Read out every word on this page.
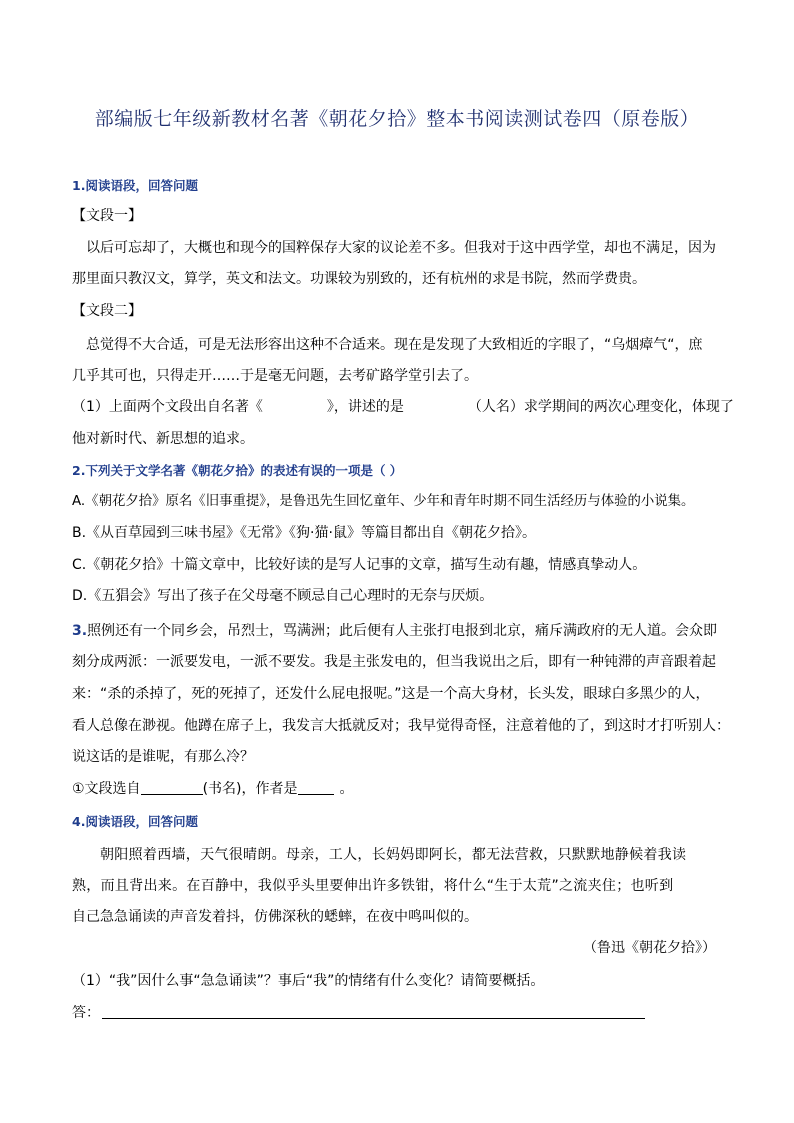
部编版七年级新教材名著《朝花夕拾》整本书阅读测试卷四（原卷版）
1.阅读语段，回答问题
【文段一】
以后可忘却了，大概也和现今的国粹保存大家的议论差不多。但我对于这中西学堂，却也不满足，因为
那里面只教汉文，算学，英文和法文。功课较为别致的，还有杭州的求是书院，然而学费贵。
【文段二】
总觉得不大合适，可是无法形容出这种不合适来。现在是发现了大致相近的字眼了，“乌烟瘴气“，庶
几乎其可也，只得走开……于是毫无问题，去考矿路学堂引去了。
（1）上面两个文段出自名著《	》，讲述的是	（人名）求学期间的两次心理变化，体现了
他对新时代、新思想的追求。
2.下列关于文学名著《朝花夕拾》的表述有误的一项是（ ）
A.《朝花夕拾》原名《旧事重提》，是鲁迅先生回忆童年、少年和青年时期不同生活经历与体验的小说集。
B.《从百草园到三味书屋》《无常》《狗·猫·鼠》等篇目都出自《朝花夕拾》。
C.《朝花夕拾》十篇文章中，比较好读的是写人记事的文章，描写生动有趣，情感真挚动人。
D.《五猖会》写出了孩子在父母毫不顾忌自己心理时的无奈与厌烦。
3.照例还有一个同乡会，吊烈士，骂满洲；此后便有人主张打电报到北京，痛斥满政府的无人道。会众即
刻分成两派：一派要发电，一派不要发。我是主张发电的，但当我说出之后，即有一种钝滞的声音跟着起
来：“杀的杀掉了，死的死掉了，还发什么屁电报呢。”这是一个高大身材，长头发，眼球白多黑少的人，
看人总像在渺视。他蹲在席子上，我发言大抵就反对；我早觉得奇怪，注意着他的了，到这时才打听别人：
说这话的是谁呢，有那么冷？
①文段选自	(书名)，作者是	。
4.阅读语段，回答问题
朝阳照着西墙，天气很晴朗。母亲，工人，长妈妈即阿长，都无法营救，只默默地静候着我读
熟，而且背出来。在百静中，我似乎头里要伸出许多铁钳，将什么“生于太荒”之流夹住；也听到
自己急急诵读的声音发着抖，仿佛深秋的蟋蟀，在夜中鸣叫似的。
（鲁迅《朝花夕拾》）
（1）“我”因什么事“急急诵读”？事后“我”的情绪有什么变化？请简要概括。
答：
